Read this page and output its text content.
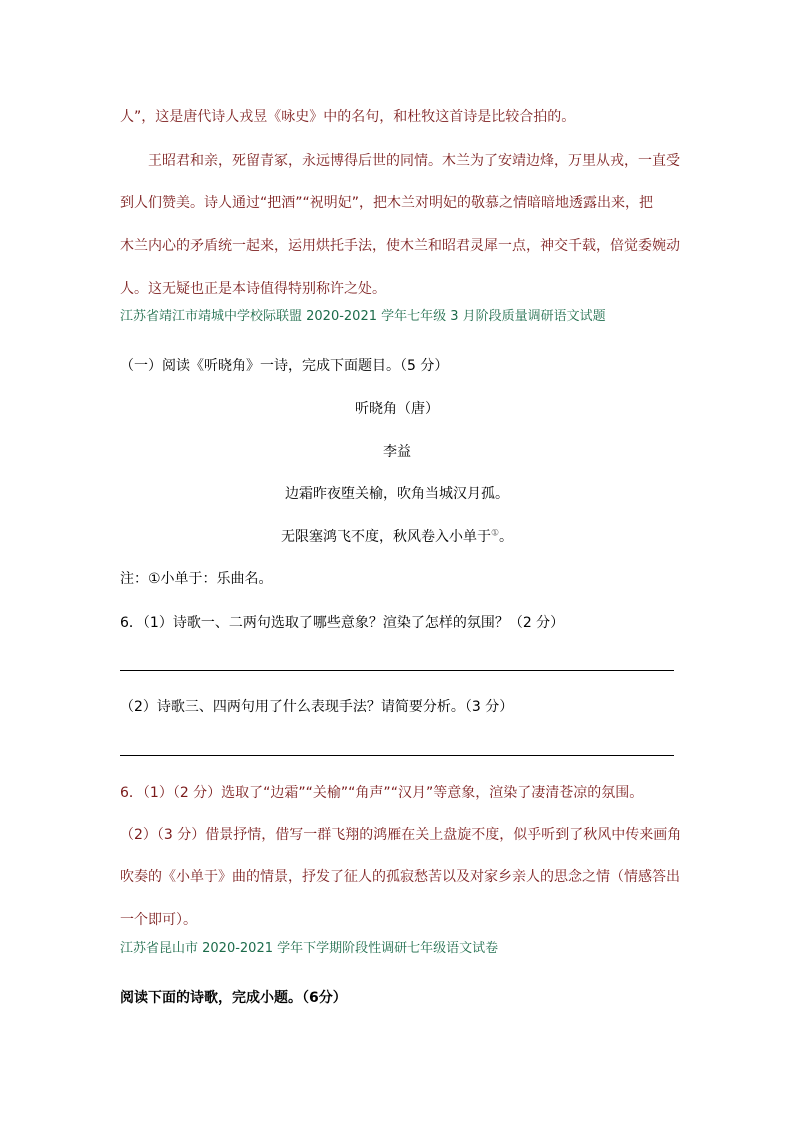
人”，这是唐代诗人戎昱《咏史》中的名句，和杜牧这首诗是比较合拍的。

王昭君和亲，死留青冢，永远博得后世的同情。木兰为了安靖边烽，万里从戎，一直受

到人们赞美。诗人通过“把酒”“祝明妃”，把木兰对明妃的敬慕之情暗暗地透露出来，把

木兰内心的矛盾统一起来，运用烘托手法，使木兰和昭君灵犀一点，神交千载，倍觉委婉动

人。这无疑也正是本诗值得特别称许之处。

江苏省靖江市靖城中学校际联盟 2020-2021 学年七年级 3 月阶段质量调研语文试题

（一）阅读《听晓角》一诗，完成下面题目。（5 分）

听晓角（唐）
李益
边霜昨夜堕关榆，吹角当城汉月孤。
无限塞鸿飞不度，秋风卷入小单于①。

注：①小单于：乐曲名。

6．（1）诗歌一、二两句选取了哪些意象？渲染了怎样的氛围？（2 分）

（2）诗歌三、四两句用了什么表现手法？请简要分析。（3 分）

6．（1）（2 分）选取了“边霜”“关榆”“角声”“汉月”等意象，渲染了凄清苍凉的氛围。

（2）（3 分）借景抒情，借写一群飞翔的鸿雁在关上盘旋不度，似乎听到了秋风中传来画角

吹奏的《小单于》曲的情景，抒发了征人的孤寂愁苦以及对家乡亲人的思念之情（情感答出

一个即可）。

江苏省昆山市 2020-2021 学年下学期阶段性调研七年级语文试卷

阅读下面的诗歌，完成小题。（6分）
